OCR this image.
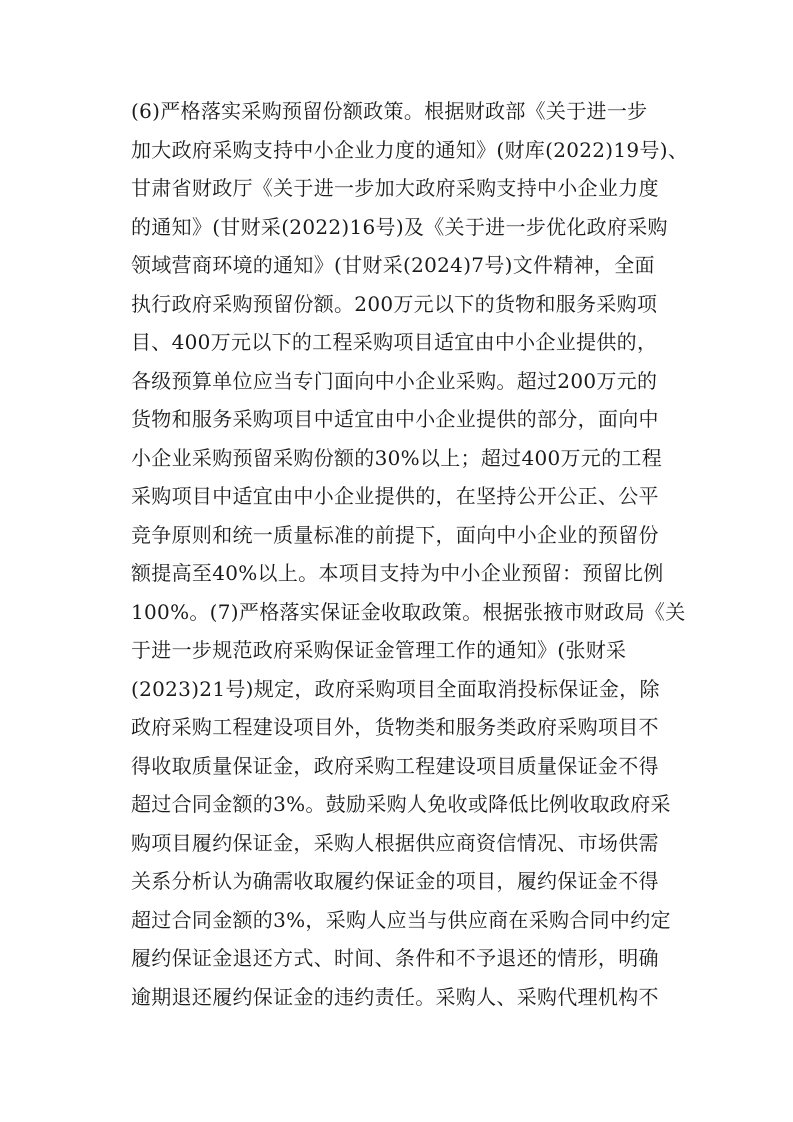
(6)严格落实采购预留份额政策。根据财政部《关于进一步
加大政府采购支持中小企业力度的通知》(财库(2022)19号)、
甘肃省财政厅《关于进一步加大政府采购支持中小企业力度
的通知》(甘财采(2022)16号)及《关于进一步优化政府采购
领域营商环境的通知》(甘财采(2024)7号)文件精神，全面
执行政府采购预留份额。200万元以下的货物和服务采购项
目、400万元以下的工程采购项目适宜由中小企业提供的，
各级预算单位应当专门面向中小企业采购。超过200万元的
货物和服务采购项目中适宜由中小企业提供的部分，面向中
小企业采购预留采购份额的30%以上；超过400万元的工程
采购项目中适宜由中小企业提供的，在坚持公开公正、公平
竞争原则和统一质量标准的前提下，面向中小企业的预留份
额提高至40%以上。本项目支持为中小企业预留：预留比例
100%。(7)严格落实保证金收取政策。根据张掖市财政局《关
于进一步规范政府采购保证金管理工作的通知》(张财采
(2023)21号)规定，政府采购项目全面取消投标保证金，除
政府采购工程建设项目外，货物类和服务类政府采购项目不
得收取质量保证金，政府采购工程建设项目质量保证金不得
超过合同金额的3%。鼓励采购人免收或降低比例收取政府采
购项目履约保证金，采购人根据供应商资信情况、市场供需
关系分析认为确需收取履约保证金的项目，履约保证金不得
超过合同金额的3%，采购人应当与供应商在采购合同中约定
履约保证金退还方式、时间、条件和不予退还的情形，明确
逾期退还履约保证金的违约责任。采购人、采购代理机构不
